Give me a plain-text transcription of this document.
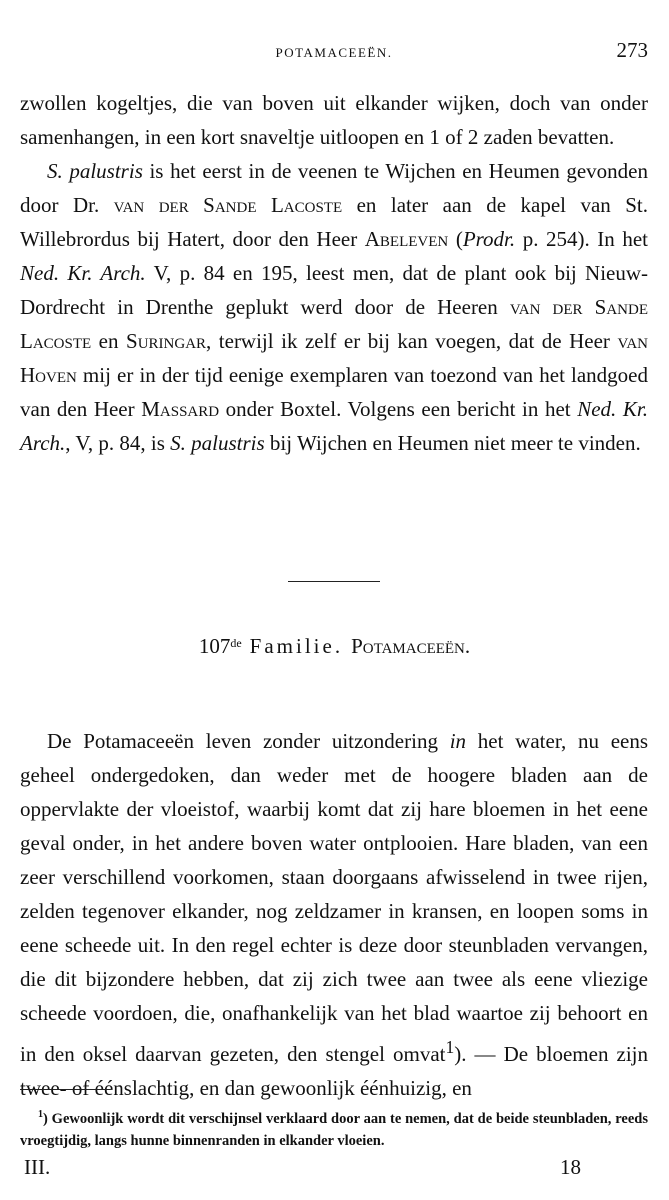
POTAMACEEËN.	273

zwollen kogeltjes, die van boven uit elkander wijken, doch van onder samenhangen, in een kort snaveltje uitloopen en 1 of 2 zaden bevatten.

S. palustris is het eerst in de veenen te Wijchen en Heumen gevonden door Dr. van der Sande Lacoste en later aan de kapel van St. Willebrordus bij Hatert, door den Heer Abeleven (Prodr. p. 254). In het Ned. Kr. Arch. V, p. 84 en 195, leest men, dat de plant ook bij Nieuw-Dordrecht in Drenthe geplukt werd door de Heeren van der Sande Lacoste en Suringar, terwijl ik zelf er bij kan voegen, dat de Heer van Hoven mij er in der tijd eenige exemplaren van toezond van het landgoed van den Heer Massard onder Boxtel. Volgens een bericht in het Ned. Kr. Arch., V, p. 84, is S. palustris bij Wijchen en Heumen niet meer te vinden.

107de Familie. Potamaceeën.

De Potamaceeën leven zonder uitzondering in het water, nu eens geheel ondergedoken, dan weder met de hoogere bladen aan de oppervlakte der vloeistof, waarbij komt dat zij hare bloemen in het eene geval onder, in het andere boven water ontplooien. Hare bladen, van een zeer verschillend voorkomen, staan doorgaans afwisselend in twee rijen, zelden tegenover elkander, nog zeldzamer in kransen, en loopen soms in eene scheede uit. In den regel echter is deze door steunbladen vervangen, die dit bijzondere hebben, dat zij zich twee aan twee als eene vliezige scheede voordoen, die, onafhankelijk van het blad waartoe zij behoort en in den oksel daarvan gezeten, den stengel omvat$^1$). — De bloemen zijn twee- of éénslachtig, en dan gewoonlijk éénhuizig, en

$^1$) Gewoonlijk wordt dit verschijnsel verklaard door aan te nemen, dat de beide steunbladen, reeds vroegtijdig, langs hunne binnenranden in elkander vloeien.

III.	18
